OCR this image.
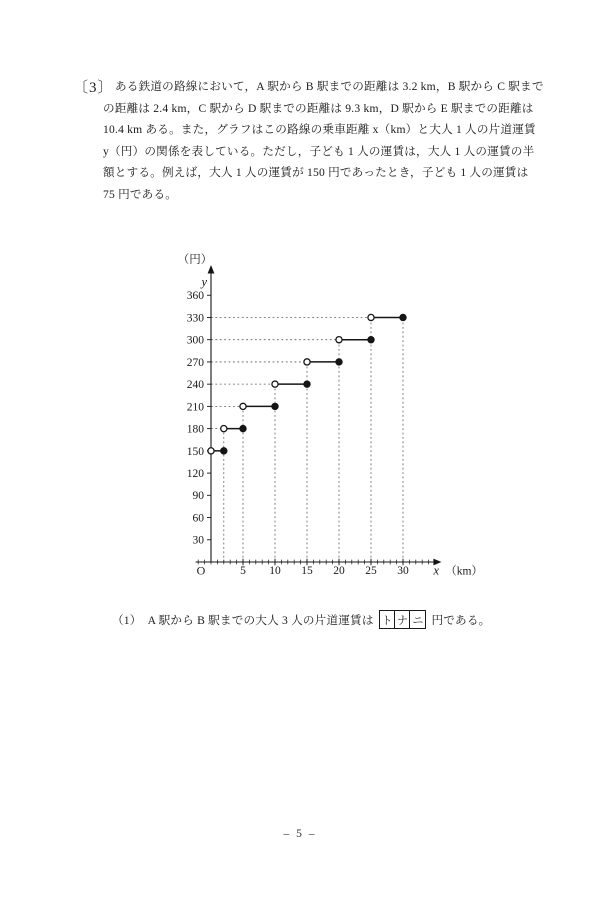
〔3〕 ある鉄道の路線において，A 駅から B 駅までの距離は 3.2 km，B 駅から C 駅まで
の距離は 2.4 km，C 駅から D 駅までの距離は 9.3 km，D 駅から E 駅までの距離は
10.4 km ある。また，グラフはこの路線の乗車距離 x（km）と大人 1 人の片道運賃
y（円）の関係を表している。ただし，子ども 1 人の運賃は，大人 1 人の運賃の半
額とする。例えば，大人 1 人の運賃が 150 円であったとき，子ども 1 人の運賃は
75 円である。
5 10 15 20 25 30
O	x （km）
30
60
90
120
150
180
210
240
270
300
330
360
（円）
y
（1）　A 駅から B 駅までの大人 3 人の片道運賃は ト ナ ニ 円である。
– 5 –
